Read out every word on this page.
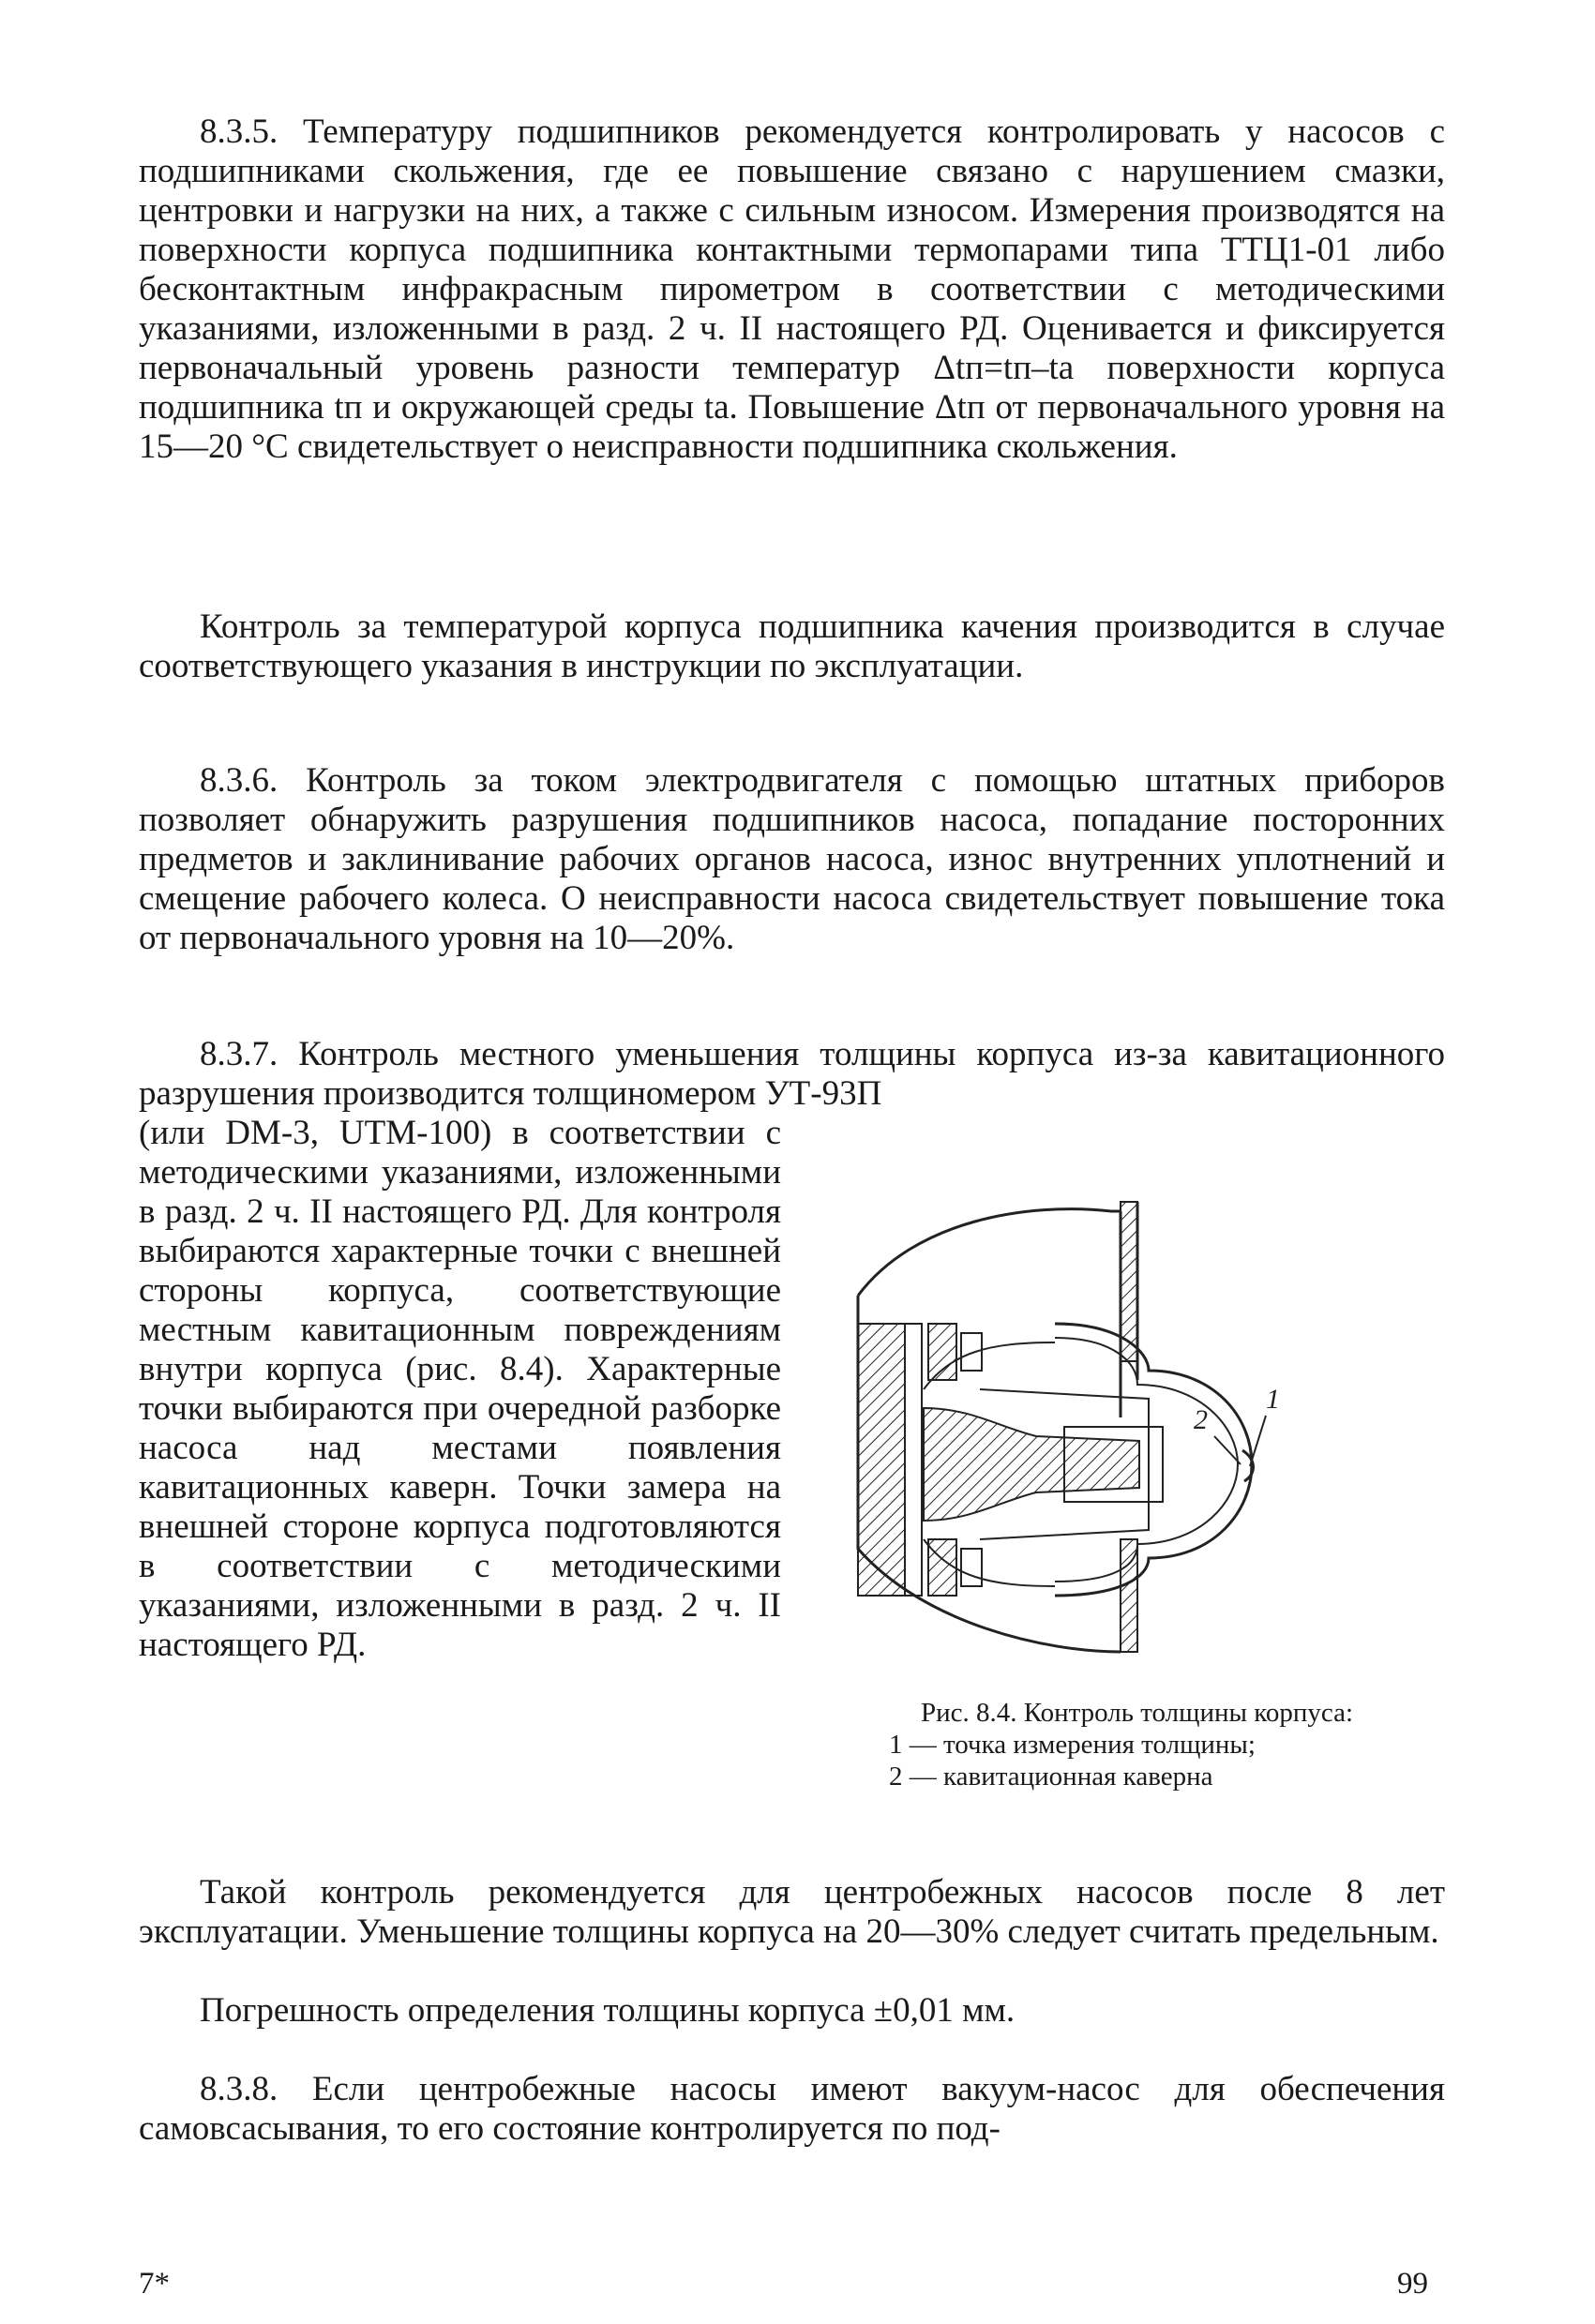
8.3.5. Температуру подшипников рекомендуется контролировать у насосов с подшипниками скольжения, где ее повышение связано с нарушением смазки, центровки и нагрузки на них, а также с сильным износом. Измерения производятся на поверхности корпуса подшипника контактными термопарами типа ТТЦ1-01 либо бесконтактным инфракрасным пирометром в соответствии с методическими указаниями, изложенными в разд. 2 ч. II настоящего РД. Оценивается и фиксируется первоначальный уровень разности температур Δtп=tп–tа поверхности корпуса подшипника tп и окружающей среды tа. Повышение Δtп от первоначального уровня на 15—20 °С свидетельствует о неисправности подшипника скольжения.

Контроль за температурой корпуса подшипника качения производится в случае соответствующего указания в инструкции по эксплуатации.

8.3.6. Контроль за током электродвигателя с помощью штатных приборов позволяет обнаружить разрушения подшипников насоса, попадание посторонних предметов и заклинивание рабочих органов насоса, износ внутренних уплотнений и смещение рабочего колеса. О неисправности насоса свидетельствует повышение тока от первоначального уровня на 10—20%.

8.3.7. Контроль местного уменьшения толщины корпуса из-за кавитационного разрушения производится толщиномером УТ-93П

(или DM-3, UTM-100) в соответствии с методическими указаниями, изложенными в разд. 2 ч. II настоящего РД. Для контроля выбираются характерные точки с внешней стороны корпуса, соответствующие местным кавитационным повреждениям внутри корпуса (рис. 8.4). Характерные точки выбираются при очередной разборке насоса над местами появления кавитационных каверн. Точки замера на внешней стороне корпуса подготовляются в соответствии с методическими указаниями, изложенными в разд. 2 ч. II настоящего РД.

1
2
Рис. 8.4. Контроль толщины корпуса:
1 — точка измерения толщины;
2 — кавитационная каверна

Такой контроль рекомендуется для центробежных насосов после 8 лет эксплуатации. Уменьшение толщины корпуса на 20—30% следует считать предельным.

Погрешность определения толщины корпуса ±0,01 мм.

8.3.8. Если центробежные насосы имеют вакуум-насос для обеспечения самовсасывания, то его состояние контролируется по под-

7*	99
